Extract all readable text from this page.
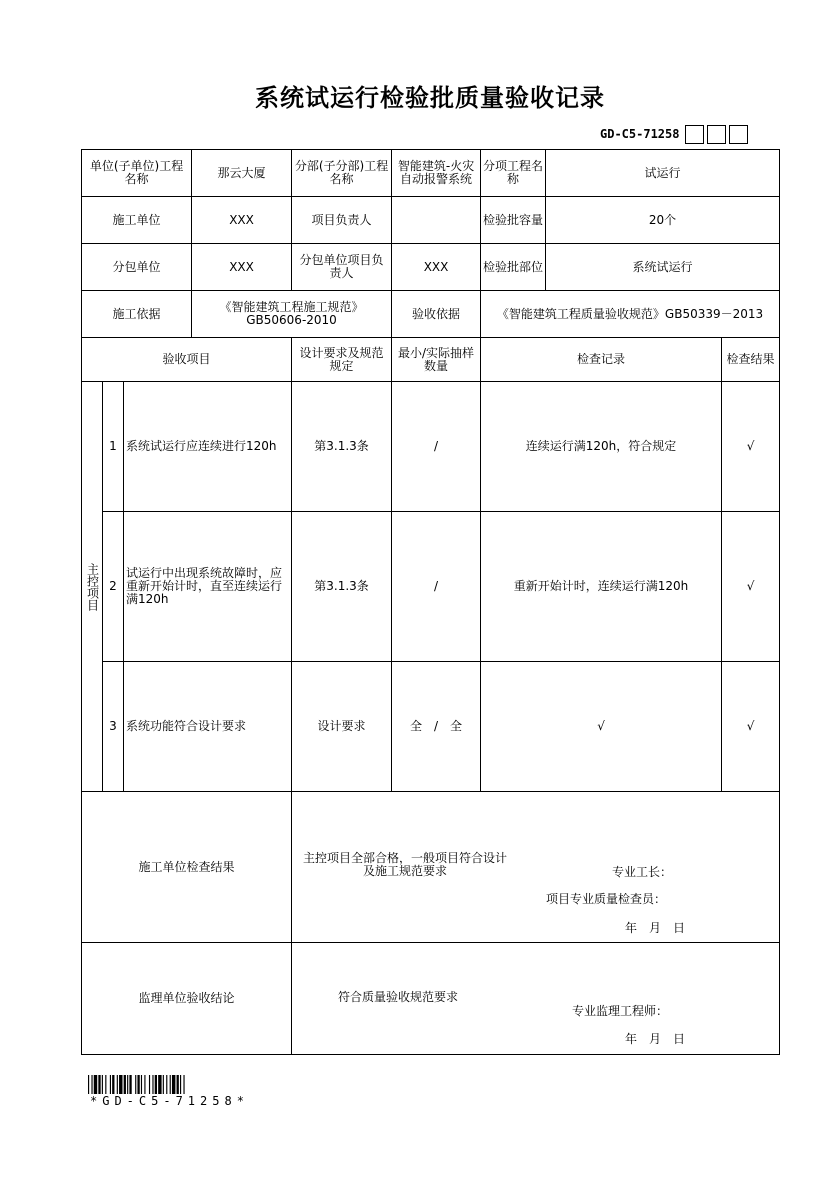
系统试运行检验批质量验收记录
GD-C5-71258
单位(子单位)工程名称			那云大厦	分部(子分部)工程名称	智能建筑-火灾自动报警系统	分项工程名称	试运行	
施工单位			XXX	项目负责人		检验批容量	20个	
分包单位			XXX	分包单位项目负责人	XXX	检验批部位	系统试运行	
施工依据			《智能建筑工程施工规范》GB50606-2010		验收依据	《智能建筑工程质量验收规范》GB50339－2013		
验收项目				设计要求及规范规定	最小/实际抽样数量	检查记录		检查结果
主控项目	1	系统试运行应连续进行120h		第3.1.3条	/	连续运行满120h，符合规定		√
	2	试运行中出现系统故障时，应重新开始计时，直至连续运行满120h		第3.1.3条	/	重新开始计时，连续运行满120h		√
	3	系统功能符合设计要求		设计要求	全　/　全	√		√
施工单位检查结果				主控项目全部合格，一般项目符合设计及施工规范要求 专业工长：
项目专业质量检查员：
年　月　日				

监理单位验收结论				符合质量验收规范要求
专业监理工程师：
年　月　日				
*GD-C5-71258*
